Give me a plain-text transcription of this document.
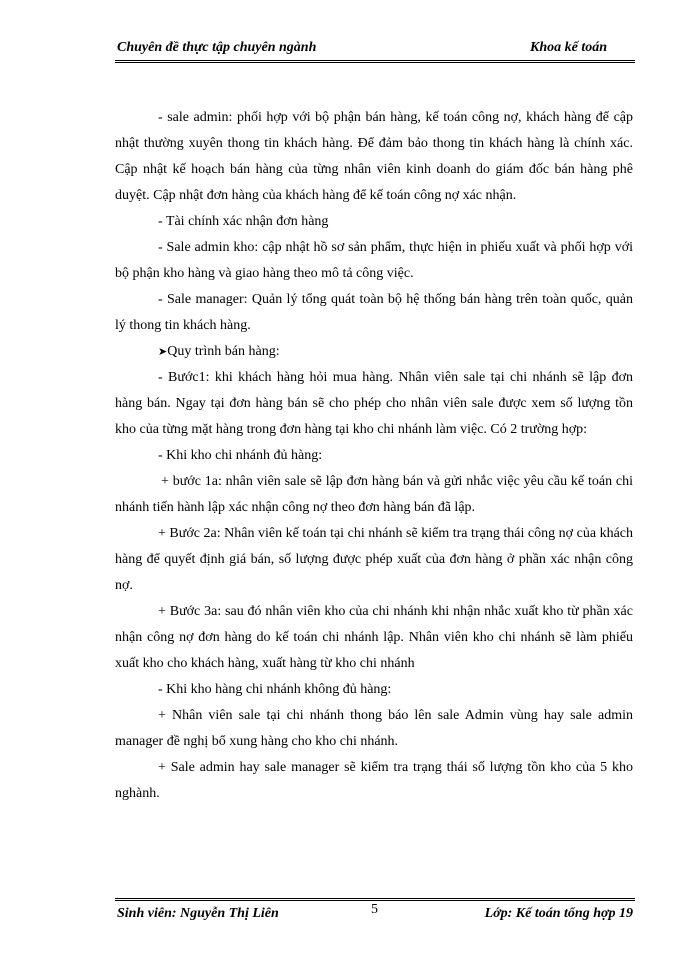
Chuyên đề thực tập chuyên ngành	Khoa kế toán

- sale admin: phối hợp với bộ phận bán hàng, kế toán công nợ, khách hàng để cập nhật thường xuyên thong tin khách hàng. Để đảm bảo thong tin khách hàng là chính xác. Cập nhật kế hoạch bán hàng của từng nhân viên kinh doanh do giám đốc bán hàng phê duyệt. Cập nhật đơn hàng của khách hàng để kế toán công nợ xác nhận.

- Tài chính xác nhận đơn hàng

- Sale admin kho: cập nhật hồ sơ sản phẩm, thực hiện in phiếu xuất và phối hợp với bộ phận kho hàng và giao hàng theo mô tả công việc.

- Sale manager: Quản lý tổng quát toàn bộ hệ thống bán hàng trên toàn quốc, quản lý thong tin khách hàng.

➤Quy trình bán hàng:

- Bước1: khi khách hàng hỏi mua hàng. Nhân viên sale tại chi nhánh sẽ lập đơn hàng bán. Ngay tại đơn hàng bán sẽ cho phép cho nhân viên sale được xem số lượng tồn kho của từng mặt hàng trong đơn hàng tại kho chi nhánh làm việc. Có 2 trường hợp:

- Khi kho chi nhánh đủ hàng:

+ bước 1a: nhân viên sale sẽ lập đơn hàng bán và gửi nhắc việc yêu cầu kế toán chi nhánh tiến hành lập xác nhận công nợ theo đơn hàng bán đã lập.

+ Bước 2a: Nhân viên kế toán tại chi nhánh sẽ kiểm tra trạng thái công nợ của khách hàng để quyết định giá bán, số lượng được phép xuất của đơn hàng ở phần xác nhận công nợ.

+ Bước 3a: sau đó nhân viên kho của chi nhánh khi nhận nhắc xuất kho từ phần xác nhận công nợ đơn hàng do kế toán chi nhánh lập. Nhân viên kho chi nhánh sẽ làm phiếu xuất kho cho khách hàng, xuất hàng từ kho chi nhánh

- Khi kho hàng chi nhánh không đủ hàng:

+ Nhân viên sale tại chi nhánh thong báo lên sale Admin vùng hay sale admin manager đề nghị bổ xung hàng cho kho chi nhánh.

+ Sale admin hay sale manager sẽ kiểm tra trạng thái số lượng tồn kho của 5 kho nghành.

Sinh viên: Nguyễn Thị Liên	5	Lớp: Kế toán tổng hợp 19
